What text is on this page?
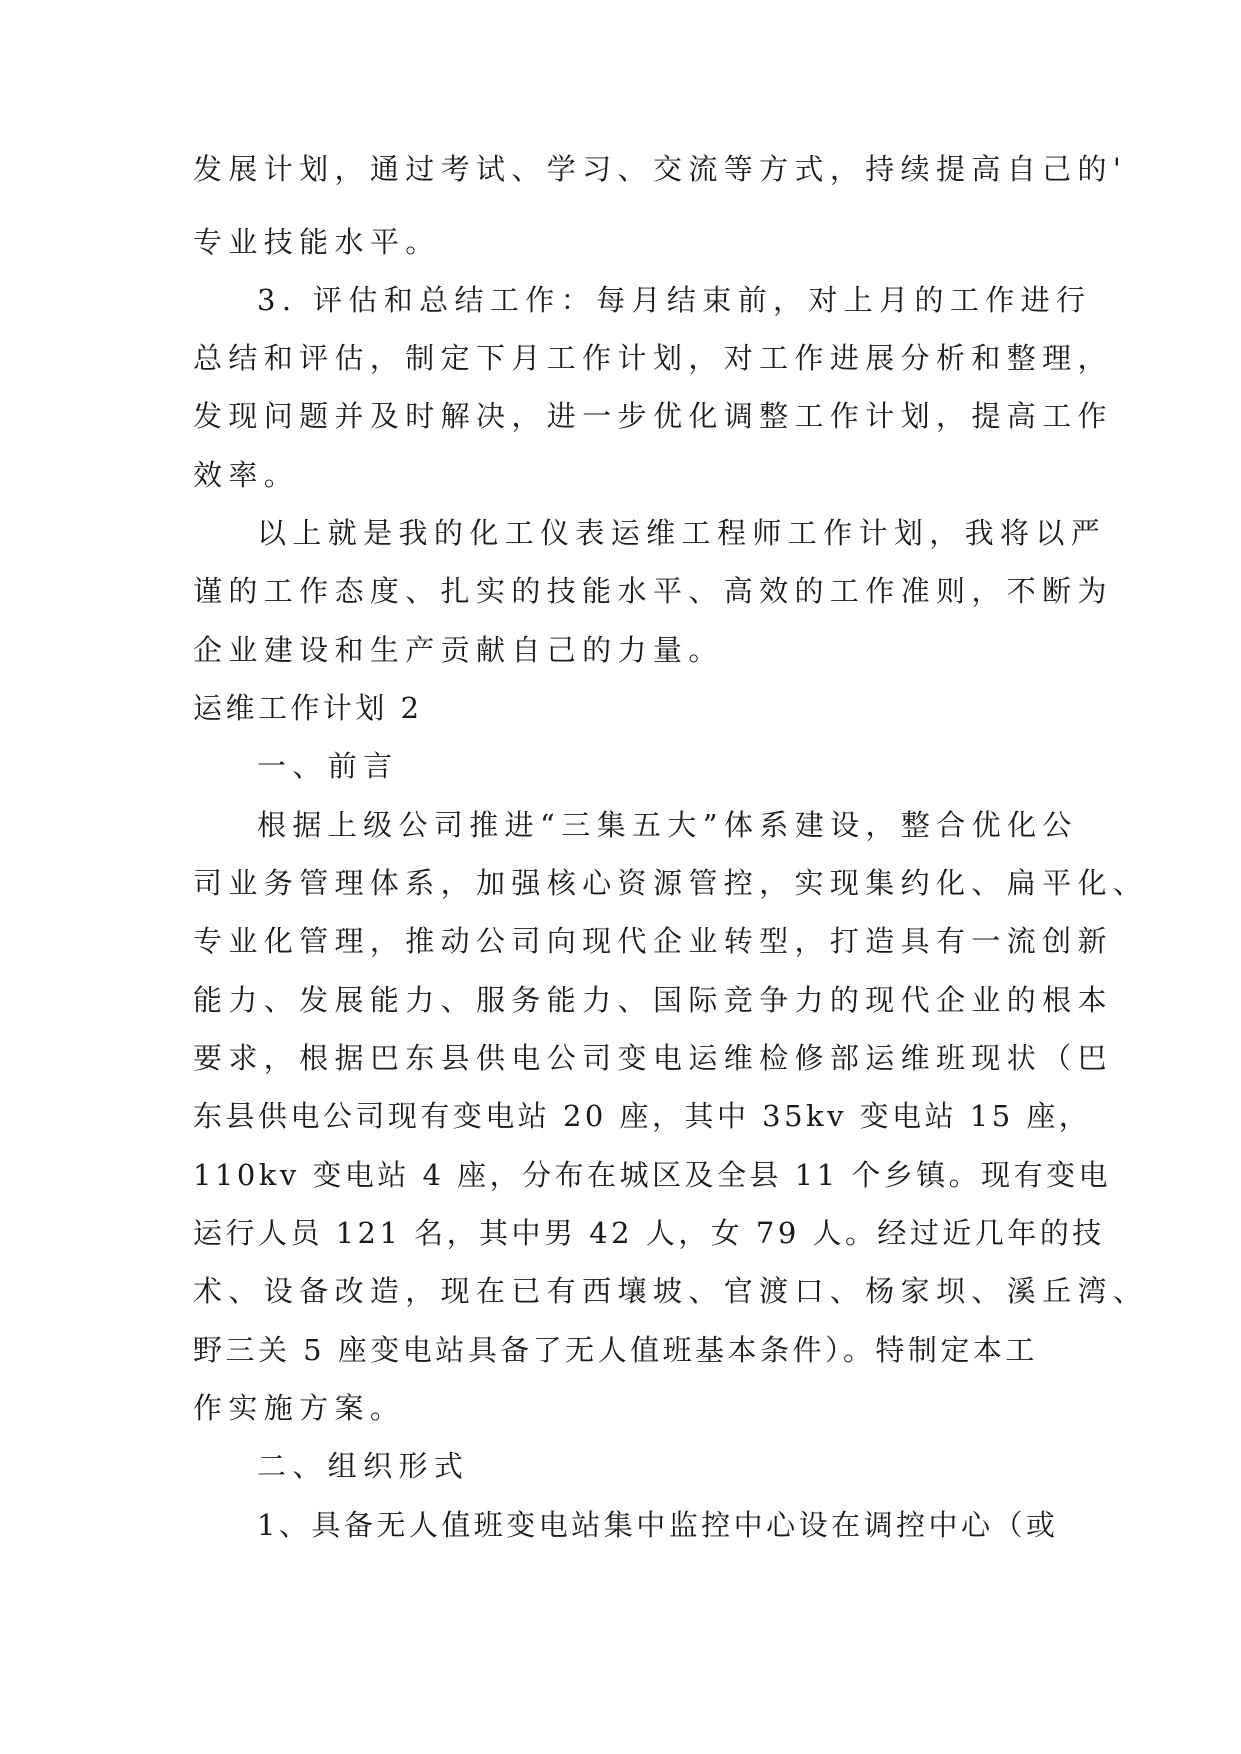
发展计划，通过考试、学习、交流等方式，持续提高自己的'
专业技能水平。
3. 评估和总结工作：每月结束前，对上月的工作进行
总结和评估，制定下月工作计划，对工作进展分析和整理，
发现问题并及时解决，进一步优化调整工作计划，提高工作
效率。
以上就是我的化工仪表运维工程师工作计划，我将以严
谨的工作态度、扎实的技能水平、高效的工作准则，不断为
企业建设和生产贡献自己的力量。
运维工作计划 2
一、前言
根据上级公司推进“三集五大”体系建设，整合优化公
司业务管理体系，加强核心资源管控，实现集约化、扁平化、
专业化管理，推动公司向现代企业转型，打造具有一流创新
能力、发展能力、服务能力、国际竞争力的现代企业的根本
要求，根据巴东县供电公司变电运维检修部运维班现状（巴
东县供电公司现有变电站 20 座，其中 35kv 变电站 15 座，
110kv 变电站 4 座，分布在城区及全县 11 个乡镇。现有变电
运行人员 121 名，其中男 42 人，女 79 人。经过近几年的技
术、设备改造，现在已有西壤坡、官渡口、杨家坝、溪丘湾、
野三关 5 座变电站具备了无人值班基本条件）。特制定本工
作实施方案。
二、组织形式
1、具备无人值班变电站集中监控中心设在调控中心（或
